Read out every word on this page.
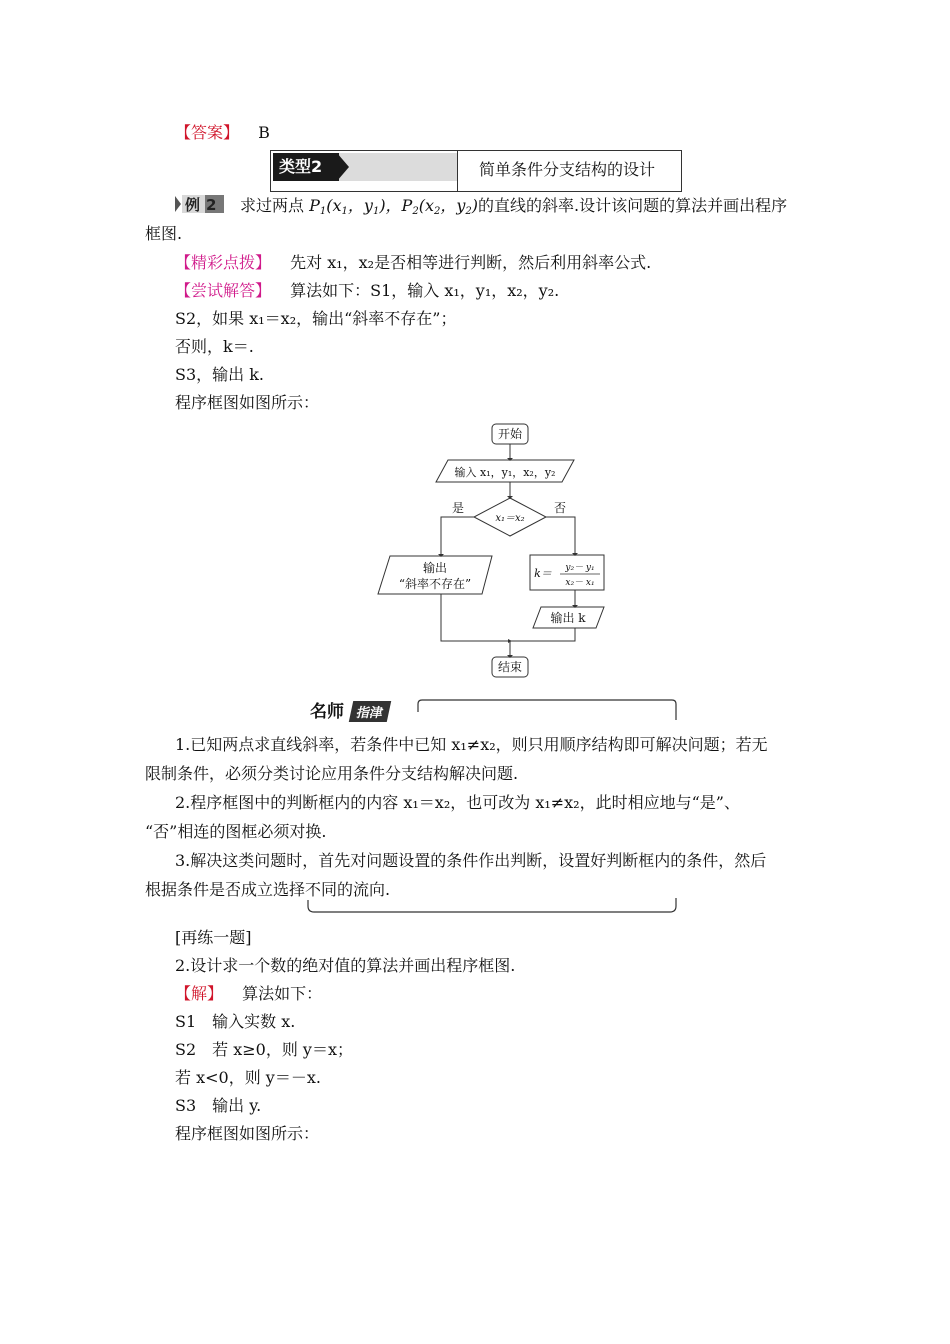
【答案】 B
类型2	简单条件分支结构的设计
例2 求过两点 $P_1(x_1$，$y_1$)，$P_2(x_2$，$y_2$)的直线的斜率.设计该问题的算法并画出程序
框图.
【精彩点拨】 先对 x₁，x₂是否相等进行判断，然后利用斜率公式.
【尝试解答】 算法如下：S1，输入 x₁，y₁，x₂，y₂.
S2，如果 x₁＝x₂，输出“斜率不存在”；
否则，k＝.
S3，输出 k.
程序框图如图所示：
开始
输入 x₁，y₁，x₂，y₂
x₁＝x₂
是	否
输出
“斜率不存在”
k＝ y₂－ y₁
x₂－ x₁
输出 k
结束
名师 指津
1.已知两点求直线斜率，若条件中已知 x₁≠x₂，则只用顺序结构即可解决问题；若无
限制条件，必须分类讨论应用条件分支结构解决问题.
2.程序框图中的判断框内的内容 x₁＝x₂，也可改为 x₁≠x₂，此时相应地与“是”、
“否”相连的图框必须对换.
3.解决这类问题时，首先对问题设置的条件作出判断，设置好判断框内的条件，然后
根据条件是否成立选择不同的流向.
[再练一题]
2.设计求一个数的绝对值的算法并画出程序框图.
【解】 算法如下：
S1　输入实数 x.
S2　若 x≥0，则 y＝x；
若 x<0，则 y＝－x.
S3　输出 y.
程序框图如图所示：
